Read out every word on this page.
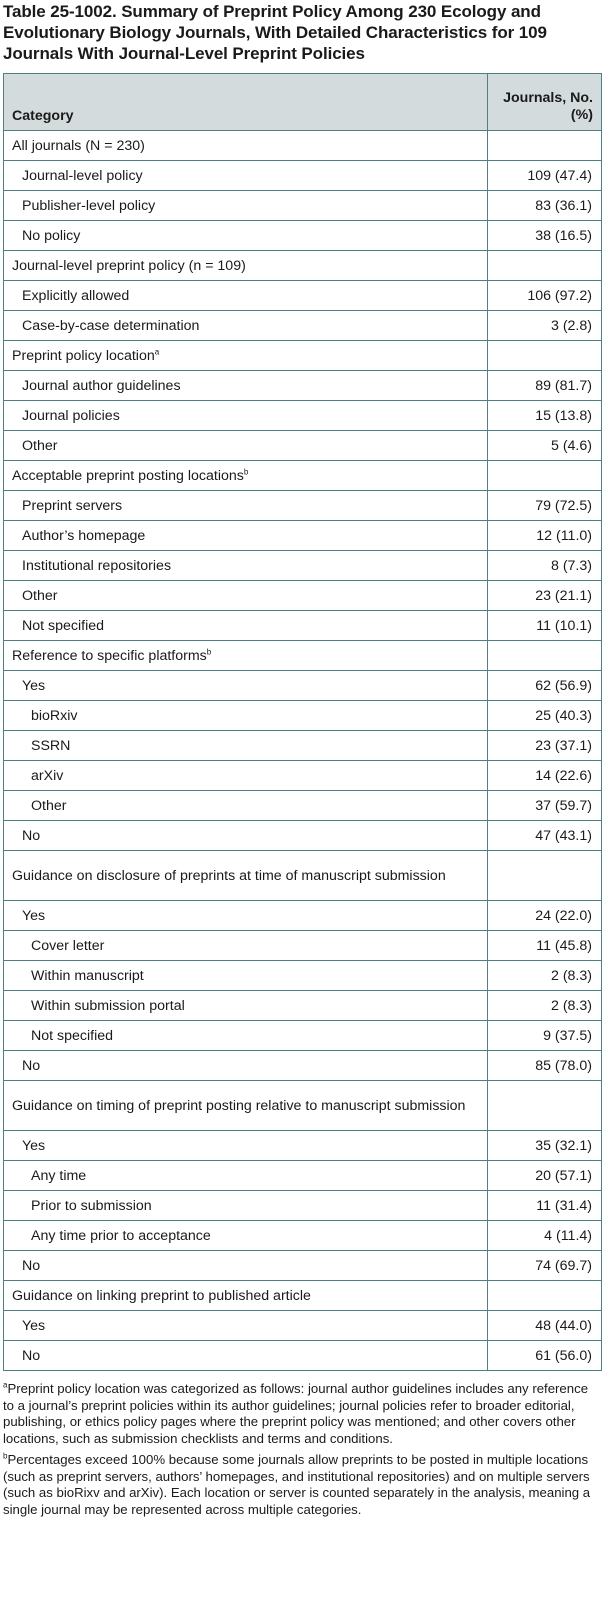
Table 25-1002. Summary of Preprint Policy Among 230 Ecology and Evolutionary Biology Journals, With Detailed Characteristics for 109 Journals With Journal-Level Preprint Policies
Category	Journals, No. (%)
All journals (N = 230)	
Journal-level policy	109 (47.4)
Publisher-level policy	83 (36.1)
No policy	38 (16.5)
Journal-level preprint policy (n = 109)	
Explicitly allowed	106 (97.2)
Case-by-case determination	3 (2.8)
Preprint policy location$^a$	
Journal author guidelines	89 (81.7)
Journal policies	15 (13.8)
Other	5 (4.6)
Acceptable preprint posting locations$^b$	
Preprint servers	79 (72.5)
Author’s homepage	12 (11.0)
Institutional repositories	8 (7.3)
Other	23 (21.1)
Not specified	11 (10.1)
Reference to specific platforms$^b$	
Yes	62 (56.9)
bioRxiv	25 (40.3)
SSRN	23 (37.1)
arXiv	14 (22.6)
Other	37 (59.7)
No	47 (43.1)
Guidance on disclosure of preprints at time of manuscript submission	
Yes	24 (22.0)
Cover letter	11 (45.8)
Within manuscript	2 (8.3)
Within submission portal	2 (8.3)
Not specified	9 (37.5)
No	85 (78.0)
Guidance on timing of preprint posting relative to manuscript submission	
Yes	35 (32.1)
Any time	20 (57.1)
Prior to submission	11 (31.4)
Any time prior to acceptance	4 (11.4)
No	74 (69.7)
Guidance on linking preprint to published article	
Yes	48 (44.0)
No	61 (56.0)
$^a$Preprint policy location was categorized as follows: journal author guidelines includes any reference to a journal’s preprint policies within its author guidelines; journal policies refer to broader editorial, publishing, or ethics policy pages where the preprint policy was mentioned; and other covers other locations, such as submission checklists and terms and conditions.
$^b$Percentages exceed 100% because some journals allow preprints to be posted in multiple locations (such as preprint servers, authors’ homepages, and institutional repositories) and on multiple servers (such as bioRixv and arXiv). Each location or server is counted separately in the analysis, meaning a single journal may be represented across multiple categories.
